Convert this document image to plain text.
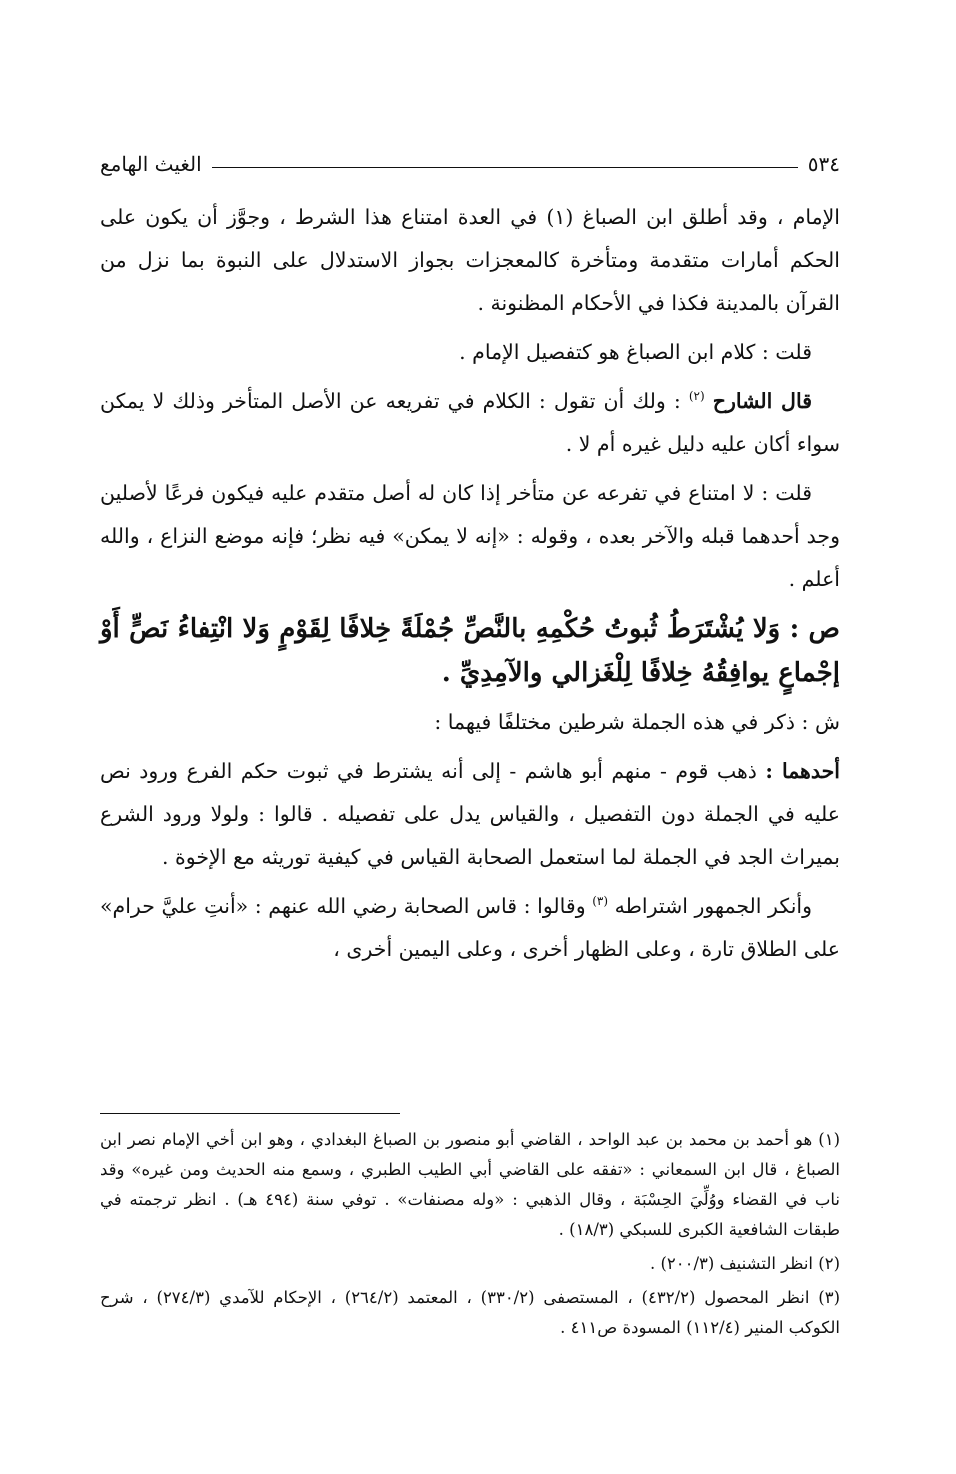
٥٣٤
الغيث الهامع

الإمام ، وقد أطلق ابن الصباغ (١) في العدة امتناع هذا الشرط ، وجوَّز أن يكون على الحكم أمارات متقدمة ومتأخرة كالمعجزات بجواز الاستدلال على النبوة بما نزل من القرآن بالمدينة فكذا في الأحكام المظنونة .

قلت : كلام ابن الصباغ هو كتفصيل الإمام .

قال الشارح $^{(٢)}$ : ولك أن تقول : الكلام في تفريعه عن الأصل المتأخر وذلك لا يمكن سواء أكان عليه دليل غيره أم لا .

قلت : لا امتناع في تفرعه عن متأخر إذا كان له أصل متقدم عليه فيكون فرعًا لأصلين وجد أحدهما قبله والآخر بعده ، وقوله : «إنه لا يمكن» فيه نظر؛ فإنه موضع النزاع ، والله أعلم .

ص : وَلا يُشْتَرَطُ ثُبوتُ حُكْمِهِ بالنَّصِّ جُمْلَةً خِلافًا لِقَوْمٍ وَلا انْتِفاءُ نَصٍّ أَوْ إجْماعٍ يوافِقُهُ خِلافًا لِلْغَزالي والآمِدِيِّ .

ش : ذكر في هذه الجملة شرطين مختلفًا فيهما :

أحدهما : ذهب قوم - منهم أبو هاشم - إلى أنه يشترط في ثبوت حكم الفرع ورود نص عليه في الجملة دون التفصيل ، والقياس يدل على تفصيله . قالوا : ولولا ورود الشرع بميراث الجد في الجملة لما استعمل الصحابة القياس في كيفية توريثه مع الإخوة .

وأنكر الجمهور اشتراطه $^{(٣)}$ وقالوا : قاس الصحابة رضي الله عنهم : «أنتِ عليَّ حرام» على الطلاق تارة ، وعلى الظهار أخرى ، وعلى اليمين أخرى ،

(١) هو أحمد بن محمد بن عبد الواحد ، القاضي أبو منصور بن الصباغ البغدادي ، وهو ابن أخي الإمام نصر ابن الصباغ ، قال ابن السمعاني : «تفقه على القاضي أبي الطيب الطبري ، وسمع منه الحديث ومن غيره» وقد ناب في القضاء ووُلِّيَ الحِسْبَة ، وقال الذهبي : «وله مصنفات» . توفي سنة (٤٩٤ هـ) . انظر ترجمته في طبقات الشافعية الكبرى للسبكي (١٨/٣) .

(٢) انظر التشنيف (٢٠٠/٣) .

(٣) انظر المحصول (٤٣٢/٢) ، المستصفى (٣٣٠/٢) ، المعتمد (٢٦٤/٢) ، الإحكام للآمدي (٢٧٤/٣) ، شرح الكوكب المنير (١١٢/٤) المسودة ص٤١١ .
